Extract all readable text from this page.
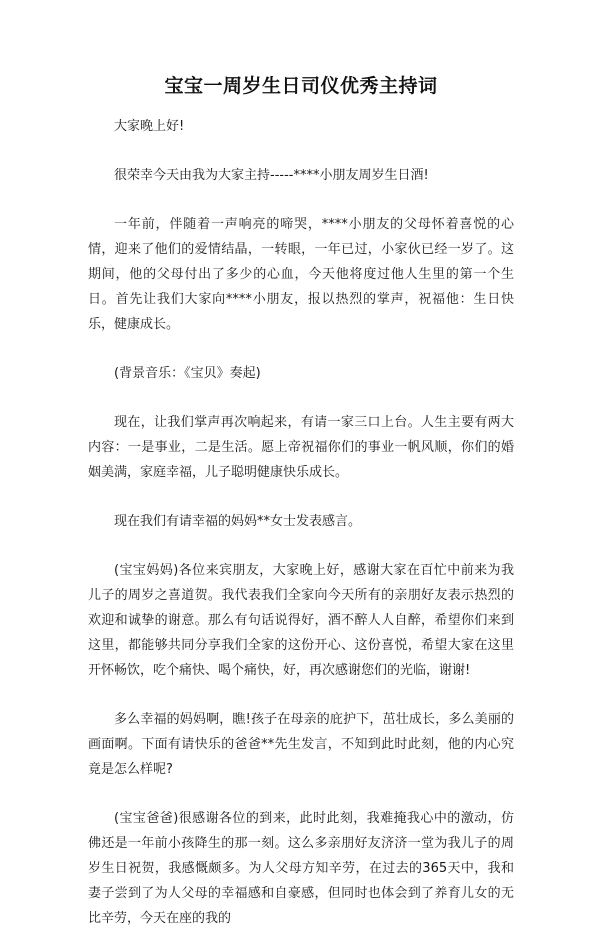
宝宝一周岁生日司仪优秀主持词

大家晚上好!

很荣幸今天由我为大家主持-----****小朋友周岁生日酒!

一年前，伴随着一声响亮的啼哭，****小朋友的父母怀着喜悦的心情，迎来了他们的爱情结晶，一转眼，一年已过，小家伙已经一岁了。这期间，他的父母付出了多少的心血，今天他将度过他人生里的第一个生日。首先让我们大家向****小朋友，报以热烈的掌声，祝福他：生日快乐，健康成长。

(背景音乐：《宝贝》奏起)

现在，让我们掌声再次响起来，有请一家三口上台。人生主要有两大内容：一是事业，二是生活。愿上帝祝福你们的事业一帆风顺，你们的婚姻美满，家庭幸福，儿子聪明健康快乐成长。

现在我们有请幸福的妈妈**女士发表感言。

(宝宝妈妈)各位来宾朋友，大家晚上好，感谢大家在百忙中前来为我儿子的周岁之喜道贺。我代表我们全家向今天所有的亲朋好友表示热烈的欢迎和诚挚的谢意。那么有句话说得好，酒不醉人人自醉，希望你们来到这里，都能够共同分享我们全家的这份开心、这份喜悦，希望大家在这里开怀畅饮，吃个痛快、喝个痛快，好，再次感谢您们的光临，谢谢!

多么幸福的妈妈啊，瞧!孩子在母亲的庇护下，茁壮成长，多么美丽的画面啊。下面有请快乐的爸爸**先生发言，不知到此时此刻，他的内心究竟是怎么样呢?

(宝宝爸爸)很感谢各位的到来，此时此刻，我难掩我心中的激动，仿佛还是一年前小孩降生的那一刻。这么多亲朋好友济济一堂为我儿子的周岁生日祝贺，我感慨颇多。为人父母方知辛劳，在过去的365天中，我和妻子尝到了为人父母的幸福感和自豪感，但同时也体会到了养育儿女的无比辛劳，今天在座的我的
